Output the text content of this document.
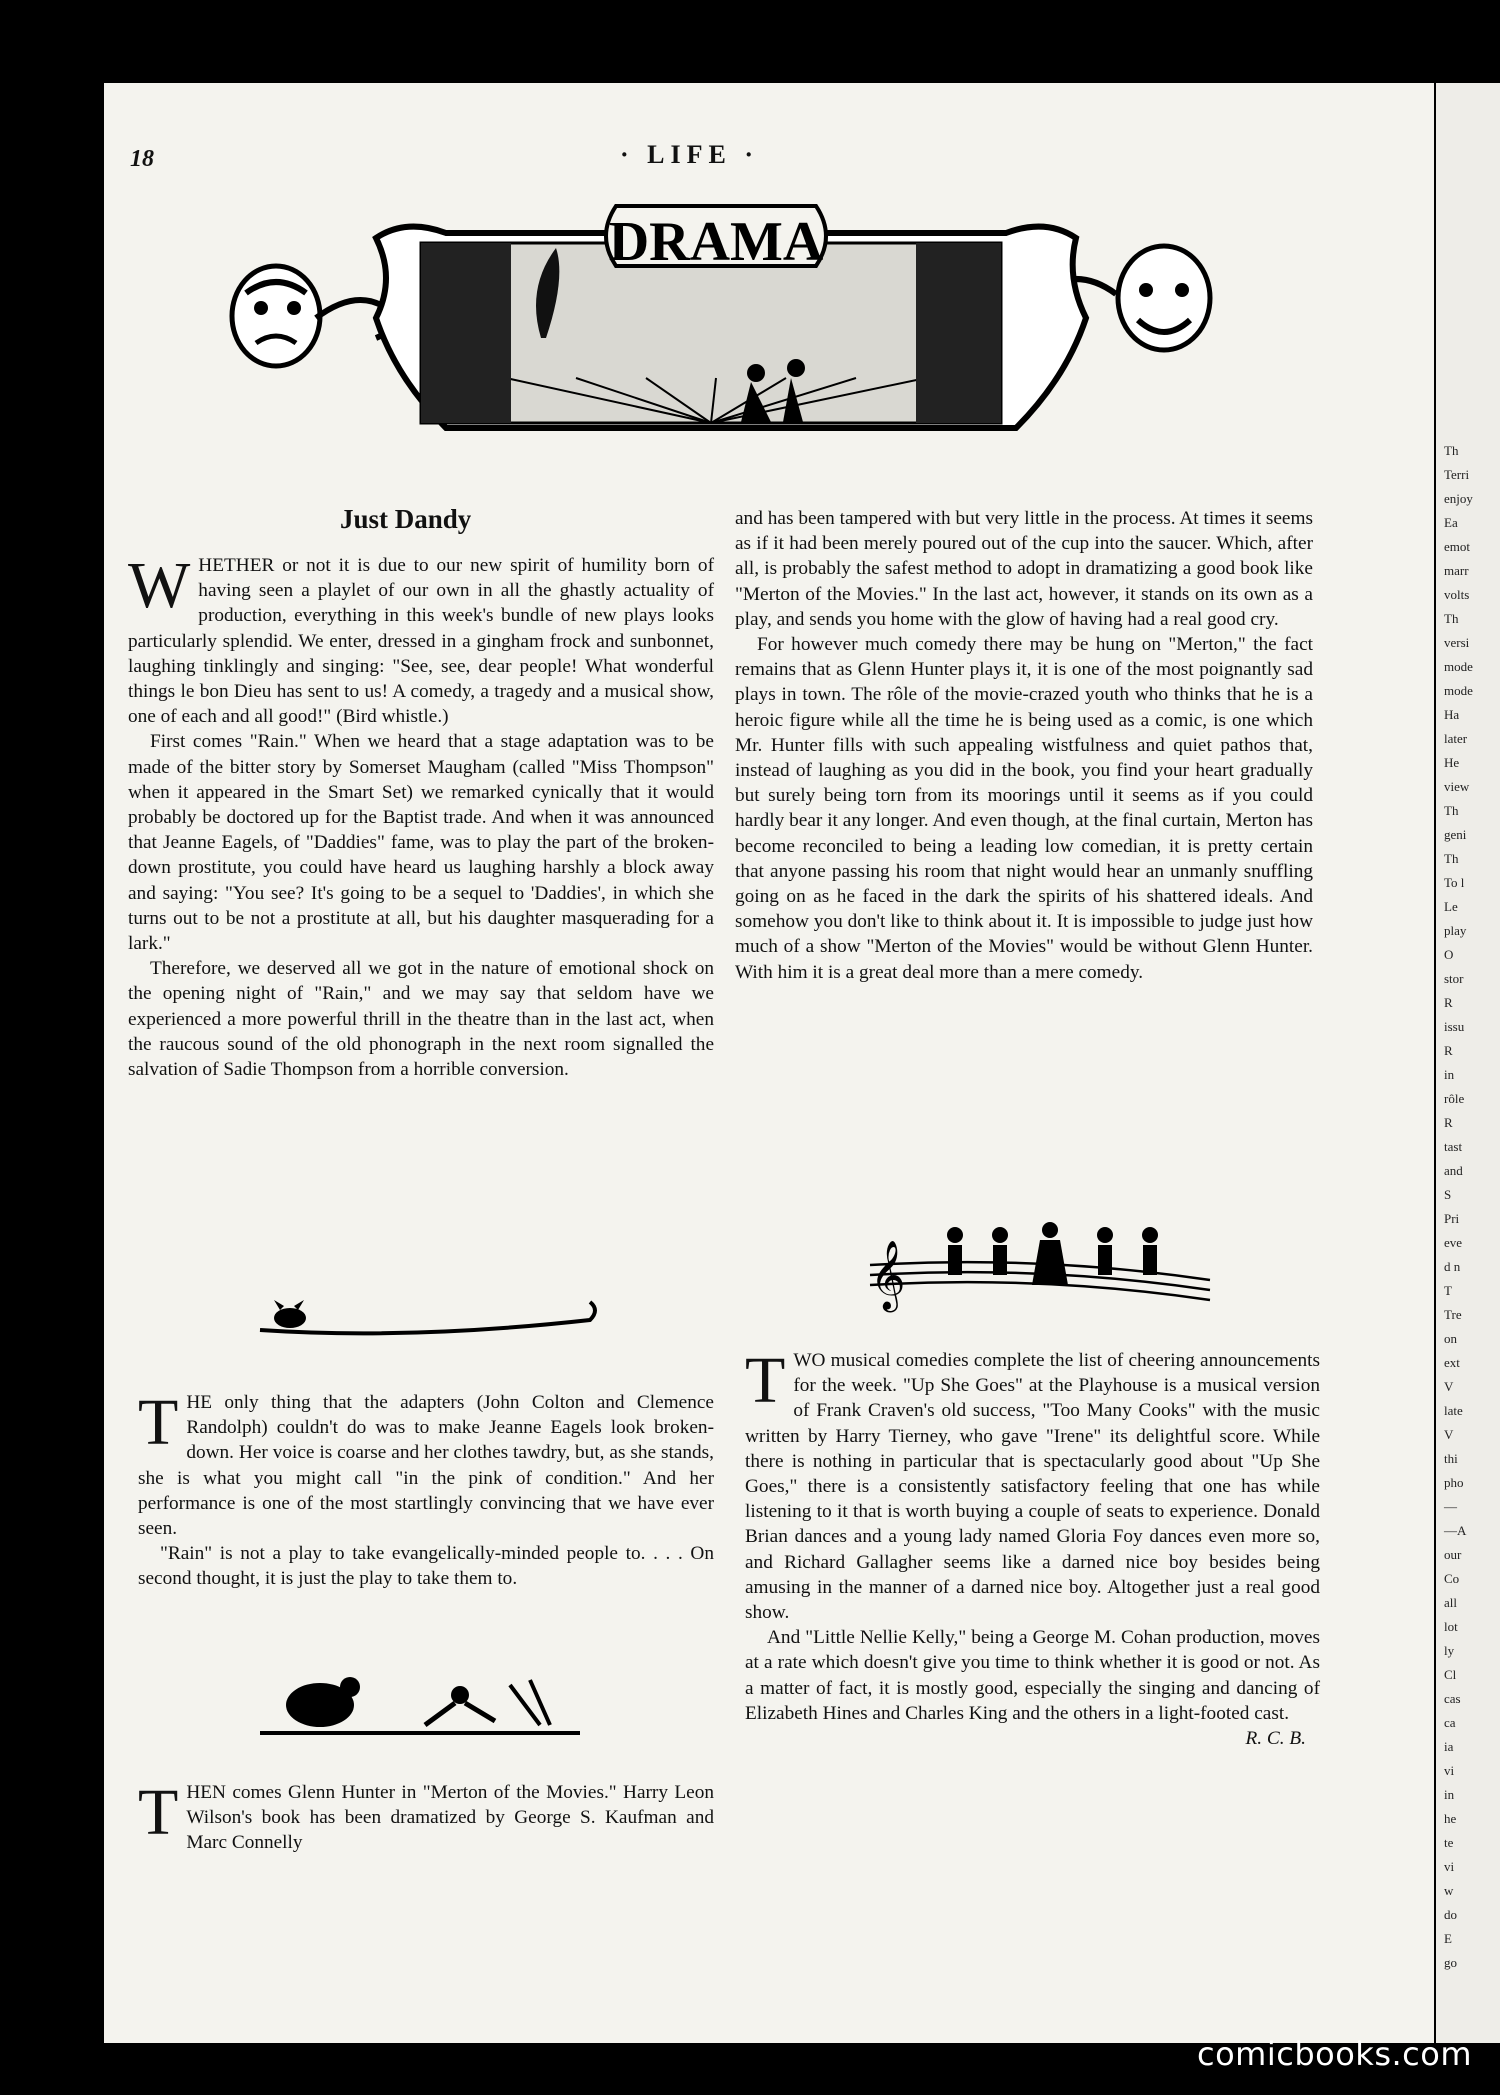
Th
Terri
enjoy
Ea
emot
marr
volts
Th
versi
mode
mode
Ha
later
He
view
Th
geni
Th
To l
Le
play
O
stor
R
issu
R
in
rôle
R
tast
and
S
Pri
eve
d n
T
Tre
on
ext
V
late
V
thi
pho
—
—A
our
Co
all
lot
ly
Cl
cas
ca
ia
vi
in
he
te
vi
w
do
E
go
18	· LIFE ·
DRAMA
Just Dandy

WHETHER or not it is due to our new spirit of humility born of having seen a playlet of our own in all the ghastly actuality of production, everything in this week's bundle of new plays looks particularly splendid. We enter, dressed in a gingham frock and sunbonnet, laughing tinklingly and singing: "See, see, dear people! What wonderful things le bon Dieu has sent to us! A comedy, a tragedy and a musical show, one of each and all good!" (Bird whistle.)

First comes "Rain." When we heard that a stage adaptation was to be made of the bitter story by Somerset Maugham (called "Miss Thompson" when it appeared in the Smart Set) we remarked cynically that it would probably be doctored up for the Baptist trade. And when it was announced that Jeanne Eagels, of "Daddies" fame, was to play the part of the broken-down prostitute, you could have heard us laughing harshly a block away and saying: "You see? It's going to be a sequel to 'Daddies', in which she turns out to be not a prostitute at all, but his daughter masquerading for a lark."

Therefore, we deserved all we got in the nature of emotional shock on the opening night of "Rain," and we may say that seldom have we experienced a more powerful thrill in the theatre than in the last act, when the raucous sound of the old phonograph in the next room signalled the salvation of Sadie Thompson from a horrible conversion.

THE only thing that the adapters (John Colton and Clemence Randolph) couldn't do was to make Jeanne Eagels look broken-down. Her voice is coarse and her clothes tawdry, but, as she stands, she is what you might call "in the pink of condition." And her performance is one of the most startlingly convincing that we have ever seen.

"Rain" is not a play to take evangelically-minded people to. . . . On second thought, it is just the play to take them to.

THEN comes Glenn Hunter in "Merton of the Movies." Harry Leon Wilson's book has been dramatized by George S. Kaufman and Marc Connelly

and has been tampered with but very little in the process. At times it seems as if it had been merely poured out of the cup into the saucer. Which, after all, is probably the safest method to adopt in dramatizing a good book like "Merton of the Movies." In the last act, however, it stands on its own as a play, and sends you home with the glow of having had a real good cry.

For however much comedy there may be hung on "Merton," the fact remains that as Glenn Hunter plays it, it is one of the most poignantly sad plays in town. The rôle of the movie-crazed youth who thinks that he is a heroic figure while all the time he is being used as a comic, is one which Mr. Hunter fills with such appealing wistfulness and quiet pathos that, instead of laughing as you did in the book, you find your heart gradually but surely being torn from its moorings until it seems as if you could hardly bear it any longer. And even though, at the final curtain, Merton has become reconciled to being a leading low comedian, it is pretty certain that anyone passing his room that night would hear an unmanly snuffling going on as he faced in the dark the spirits of his shattered ideals. And somehow you don't like to think about it. It is impossible to judge just how much of a show "Merton of the Movies" would be without Glenn Hunter. With him it is a great deal more than a mere comedy.

𝄞

TWO musical comedies complete the list of cheering announcements for the week. "Up She Goes" at the Playhouse is a musical version of Frank Craven's old success, "Too Many Cooks" with the music written by Harry Tierney, who gave "Irene" its delightful score. While there is nothing in particular that is spectacularly good about "Up She Goes," there is a consistently satisfactory feeling that one has while listening to it that is worth buying a couple of seats to experience. Donald Brian dances and a young lady named Gloria Foy dances even more so, and Richard Gallagher seems like a darned nice boy besides being amusing in the manner of a darned nice boy. Altogether just a real good show.

And "Little Nellie Kelly," being a George M. Cohan production, moves at a rate which doesn't give you time to think whether it is good or not. As a matter of fact, it is mostly good, especially the singing and dancing of Elizabeth Hines and Charles King and the others in a light-footed cast.
R. C. B.

comicbooks.com
